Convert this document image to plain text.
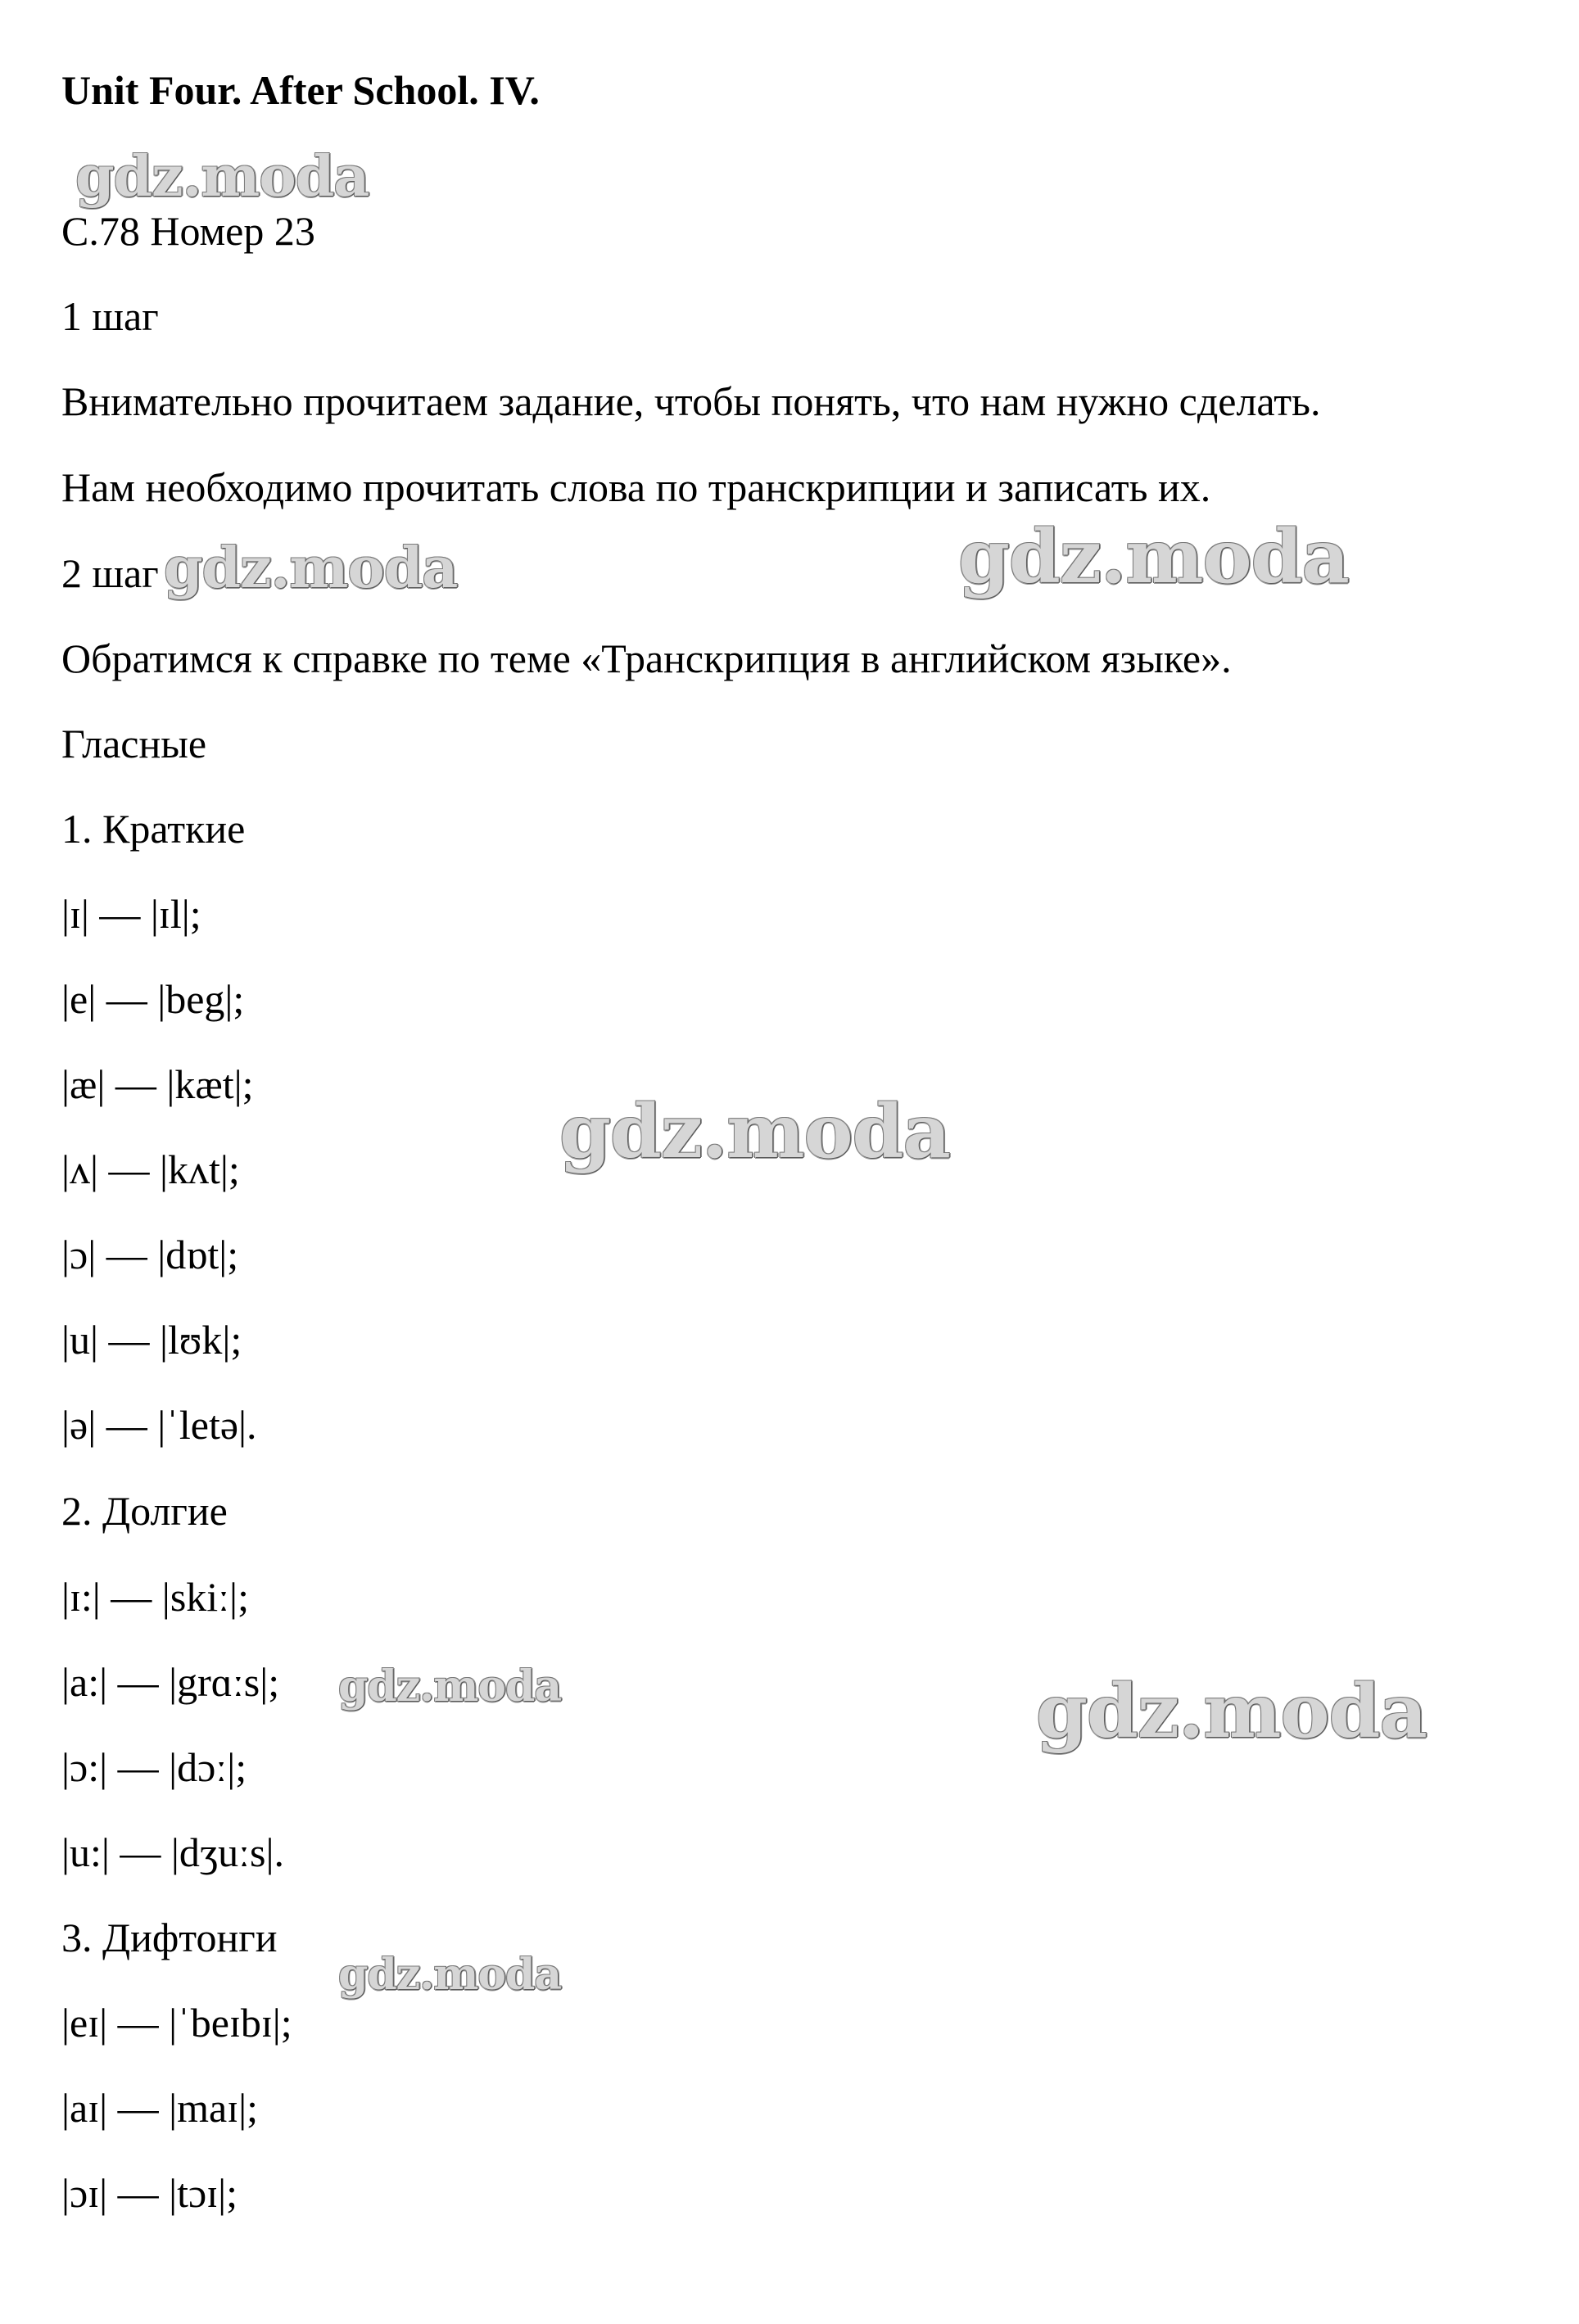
Unit Four. After School. IV.
С.78 Номер 23
1 шаг
Внимательно прочитаем задание, чтобы понять, что нам нужно сделать.
Нам необходимо прочитать слова по транскрипции и записать их.
2 шаг
Обратимся к справке по теме «Транскрипция в английском языке».
Гласные
1. Краткие
|ɪ| — |ɪl|;
|e| — |beg|;
|æ| — |kæt|;
|ʌ| — |kʌt|;
|ɔ| — |dɒt|;
|u| — |lʊk|;
|ə| — |ˈletə|.
2. Долгие
|ɪ:| — |skiː|;
|a:| — |grɑːs|;
|ɔ:| — |dɔː|;
|u:| — |dʒuːs|.
3. Дифтонги
|eɪ| — |ˈbeɪbɪ|;
|aɪ| — |maɪ|;
|ɔɪ| — |tɔɪ|;
gdz.moda
gdz.moda	gdz.moda
gdz.moda
gdz.moda	gdz.moda
gdz.moda
